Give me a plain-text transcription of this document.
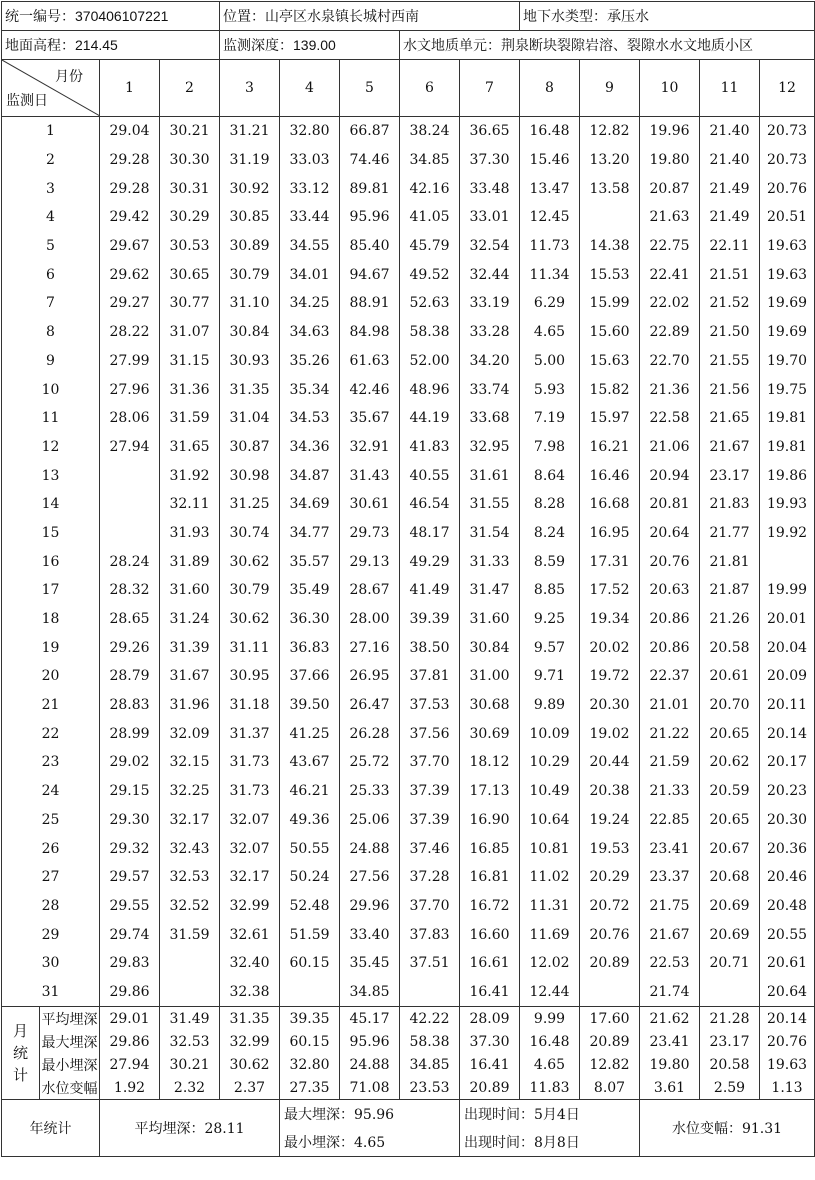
统一编号：370406107221				位置：山亭区水泉镇长城村西南					地下水类型：承压水				
地面高程：214.45				监测深度：139.00			水文地质单元：荆泉断块裂隙岩溶、裂隙水水文地质小区						

月份
监测日		1	2	3	4	5	6	7	8	9	10	11	12
1		29.04	30.21	31.21	32.80	66.87	38.24	36.65	16.48	12.82	19.96	21.40	20.73
2		29.28	30.30	31.19	33.03	74.46	34.85	37.30	15.46	13.20	19.80	21.40	20.73
3		29.28	30.31	30.92	33.12	89.81	42.16	33.48	13.47	13.58	20.87	21.49	20.76
4		29.42	30.29	30.85	33.44	95.96	41.05	33.01	12.45		21.63	21.49	20.51
5		29.67	30.53	30.89	34.55	85.40	45.79	32.54	11.73	14.38	22.75	22.11	19.63
6		29.62	30.65	30.79	34.01	94.67	49.52	32.44	11.34	15.53	22.41	21.51	19.63
7		29.27	30.77	31.10	34.25	88.91	52.63	33.19	6.29	15.99	22.02	21.52	19.69
8		28.22	31.07	30.84	34.63	84.98	58.38	33.28	4.65	15.60	22.89	21.50	19.69
9		27.99	31.15	30.93	35.26	61.63	52.00	34.20	5.00	15.63	22.70	21.55	19.70
10		27.96	31.36	31.35	35.34	42.46	48.96	33.74	5.93	15.82	21.36	21.56	19.75
11		28.06	31.59	31.04	34.53	35.67	44.19	33.68	7.19	15.97	22.58	21.65	19.81
12		27.94	31.65	30.87	34.36	32.91	41.83	32.95	7.98	16.21	21.06	21.67	19.81
13			31.92	30.98	34.87	31.43	40.55	31.61	8.64	16.46	20.94	23.17	19.86
14			32.11	31.25	34.69	30.61	46.54	31.55	8.28	16.68	20.81	21.83	19.93
15			31.93	30.74	34.77	29.73	48.17	31.54	8.24	16.95	20.64	21.77	19.92
16		28.24	31.89	30.62	35.57	29.13	49.29	31.33	8.59	17.31	20.76	21.81	
17		28.32	31.60	30.79	35.49	28.67	41.49	31.47	8.85	17.52	20.63	21.87	19.99
18		28.65	31.24	30.62	36.30	28.00	39.39	31.60	9.25	19.34	20.86	21.26	20.01
19		29.26	31.39	31.11	36.83	27.16	38.50	30.84	9.57	20.02	20.86	20.58	20.04
20		28.79	31.67	30.95	37.66	26.95	37.81	31.00	9.71	19.72	22.37	20.61	20.09
21		28.83	31.96	31.18	39.50	26.47	37.53	30.68	9.89	20.30	21.01	20.70	20.11
22		28.99	32.09	31.37	41.25	26.28	37.56	30.69	10.09	19.02	21.22	20.65	20.14
23		29.02	32.15	31.73	43.67	25.72	37.70	18.12	10.29	20.44	21.59	20.62	20.17
24		29.15	32.25	31.73	46.21	25.33	37.39	17.13	10.49	20.38	21.33	20.59	20.23
25		29.30	32.17	32.07	49.36	25.06	37.39	16.90	10.64	19.24	22.85	20.65	20.30
26		29.32	32.43	32.07	50.55	24.88	37.46	16.85	10.81	19.53	23.41	20.67	20.36
27		29.57	32.53	32.17	50.24	27.56	37.28	16.81	11.02	20.29	23.37	20.68	20.46
28		29.55	32.52	32.99	52.48	29.96	37.70	16.72	11.31	20.72	21.75	20.69	20.48
29		29.74	31.59	32.61	51.59	33.40	37.83	16.60	11.69	20.76	21.67	20.69	20.55
30		29.83		32.40	60.15	35.45	37.51	16.61	12.02	20.89	22.53	20.71	20.61
31		29.86		32.38		34.85		16.41	12.44		21.74		20.64
月
统
计	平均埋深	29.01	31.49	31.35	39.35	45.17	42.22	28.09	9.99	17.60	21.62	21.28	20.14
	最大埋深	29.86	32.53	32.99	60.15	95.96	58.38	37.30	16.48	20.89	23.41	23.17	20.76
	最小埋深	27.94	30.21	30.62	32.80	24.88	34.85	16.41	4.65	12.82	19.80	20.58	19.63
	水位变幅	1.92	2.32	2.37	27.35	71.08	23.53	20.89	11.83	8.07	3.61	2.59	1.13
年统计		平均埋深：28.11			最大埋深：95.96			出现时间：5月4日			水位变幅：91.31		
					最小埋深：4.65			出现时间：8月8日					
